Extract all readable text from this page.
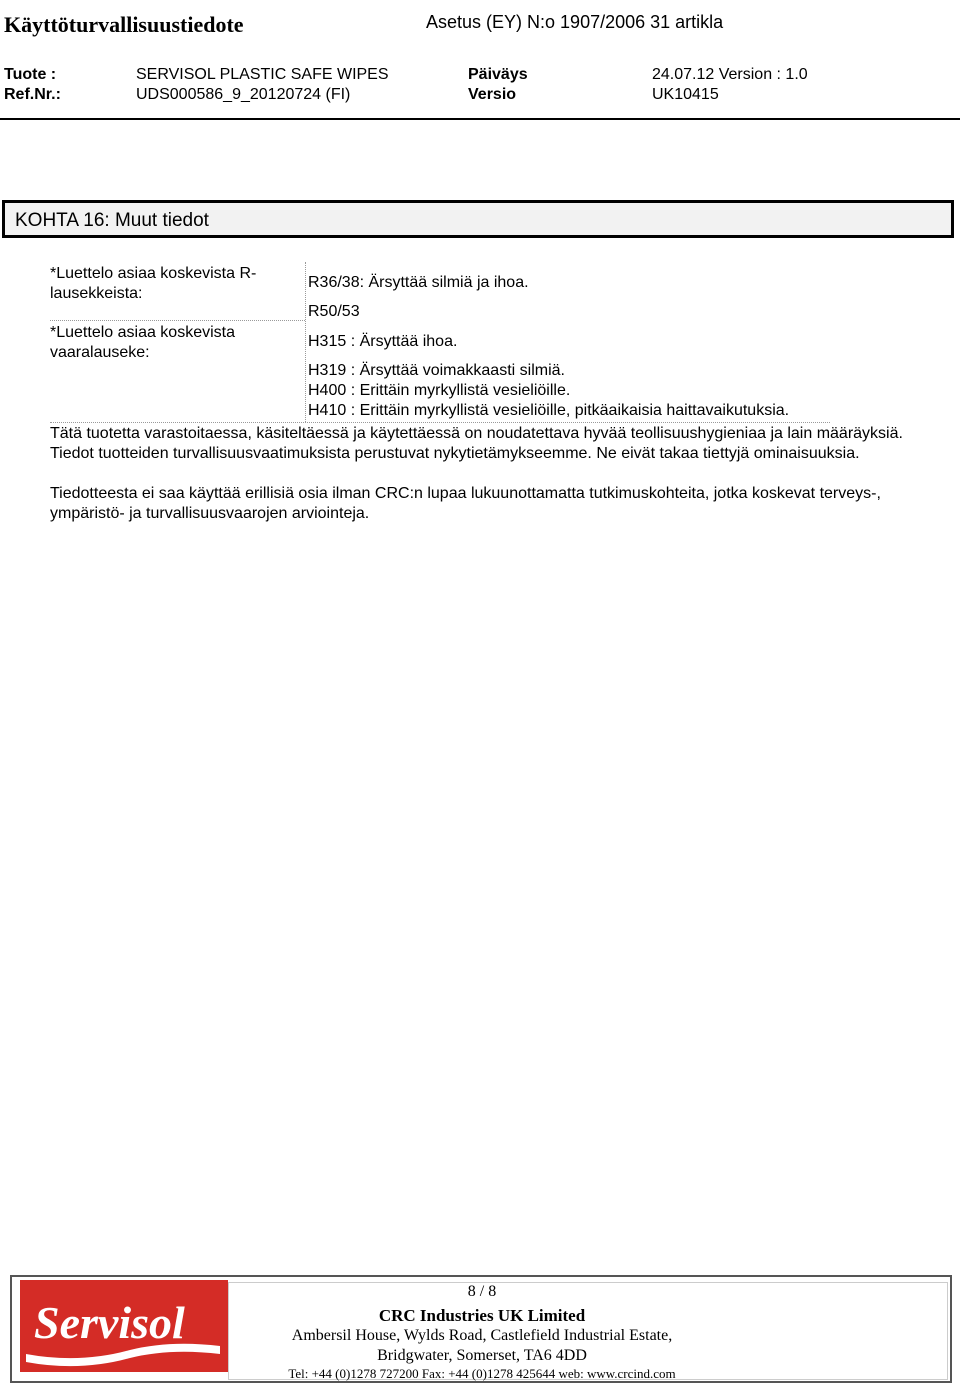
Käyttöturvallisuustiedote	Asetus (EY) N:o 1907/2006 31 artikla
Tuote :	SERVISOL PLASTIC SAFE WIPES	Päiväys	24.07.12 Version : 1.0
Ref.Nr.:	UDS000586_9_20120724 (FI)	Versio	UK10415
KOHTA 16: Muut tiedot
*Luettelo asiaa koskevista R-
lausekkeista:
R36/38: Ärsyttää silmiä ja ihoa.
R50/53
*Luettelo asiaa koskevista
vaaralauseke:
H315 : Ärsyttää ihoa.
H319 : Ärsyttää voimakkaasti silmiä.
H400 : Erittäin myrkyllistä vesieliöille.
H410 : Erittäin myrkyllistä vesieliöille, pitkäaikaisia haittavaikutuksia.
Tätä tuotetta varastoitaessa, käsiteltäessä ja käytettäessä on noudatettava hyvää teollisuushygieniaa ja lain määräyksiä. Tiedot tuotteiden turvallisuusvaatimuksista perustuvat nykytietämykseemme. Ne eivät takaa tiettyjä ominaisuuksia.
Tiedotteesta ei saa käyttää erillisiä osia ilman CRC:n lupaa lukuunottamatta tutkimuskohteita, jotka koskevat terveys-, ympäristö- ja turvallisuusvaarojen arviointeja.
Servisol
8 / 8
CRC Industries UK Limited
Ambersil House, Wylds Road, Castlefield Industrial Estate,
Bridgwater, Somerset, TA6 4DD
Tel: +44 (0)1278 727200 Fax: +44 (0)1278 425644 web: www.crcind.com
